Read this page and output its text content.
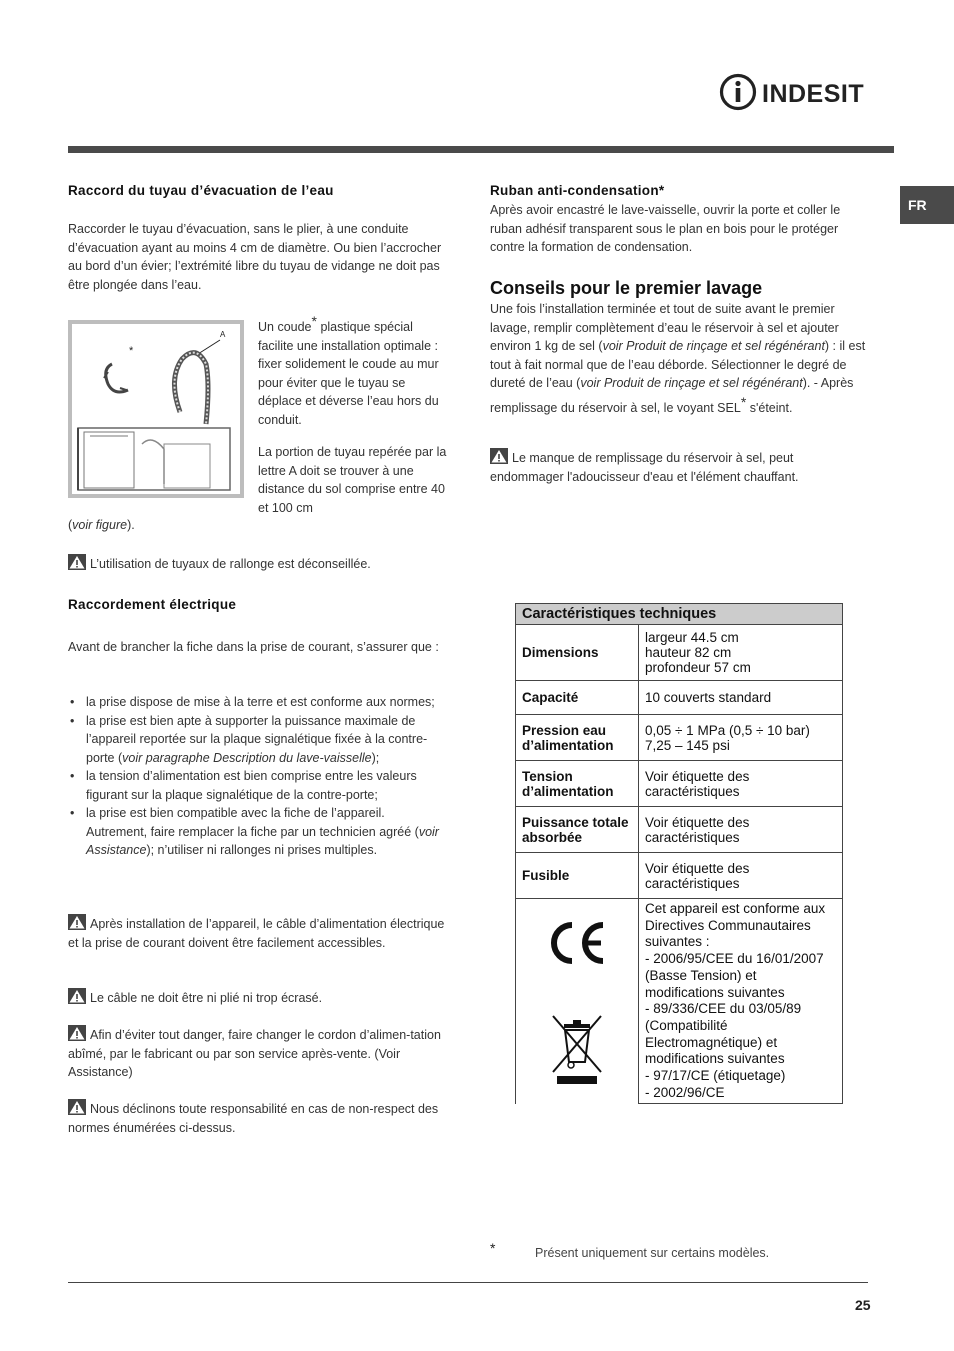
INDESIT
FR
Raccord du tuyau d’évacuation de l’eau
Raccorder le tuyau d’évacuation, sans le plier, à une conduite d’évacuation ayant au moins 4 cm de diamètre. Ou bien l’accrocher au bord d’un évier; l’extrémité libre du tuyau de vidange ne doit pas être plongée dans l’eau.
*
A
Un coude* plastique spécial facilite une installation optimale : fixer solidement le coude au mur pour éviter que le tuyau se déplace et déverse l’eau hors du conduit.
La portion de tuyau repérée par la lettre A doit se trouver à une distance du sol comprise entre 40 et 100 cm
(voir figure).
L’utilisation de tuyaux de rallonge est déconseillée.
Raccordement électrique
Avant de brancher la fiche dans la prise de courant, s’assurer que :
• la prise dispose de mise à la terre et est conforme aux normes;
• la prise est bien apte à supporter la puissance maximale de l’appareil reportée sur la plaque signalétique fixée à la contre-porte (voir paragraphe Description du lave-vaisselle);
• la tension d’alimentation est bien comprise entre les valeurs figurant sur la plaque signalétique de la contre-porte;
• la prise est bien compatible avec la fiche de l’appareil. Autrement, faire remplacer la fiche par un technicien agréé (voir Assistance); n’utiliser ni rallonges ni prises multiples.
Après installation de l’appareil, le câble d’alimentation électrique et la prise de courant doivent être facilement accessibles.
Le câble ne doit être ni plié ni trop écrasé.
Afin d’éviter tout danger, faire changer le cordon d’alimen-tation abîmé, par le fabricant ou par son service après-vente. (Voir Assistance)
Nous déclinons toute responsabilité en cas de non-respect des normes énumérées ci-dessus.
Ruban anti-condensation*
Après avoir encastré le lave-vaisselle, ouvrir la porte et coller le ruban adhésif transparent sous le plan en bois pour le protéger contre la formation de condensation.
Conseils pour le premier lavage
Une fois l’installation terminée et tout de suite avant le premier lavage, remplir complètement d’eau le réservoir à sel et ajouter environ 1 kg de sel (voir Produit de rinçage et sel régénérant) : il est tout à fait normal que de l’eau déborde. Sélectionner le degré de dureté de l’eau (voir Produit de rinçage et sel régénérant). - Après remplissage du réservoir à sel, le voyant SEL* s'éteint.
Le manque de remplissage du réservoir à sel, peut endommager l'adoucisseur d'eau et l'élément chauffant.
Caractéristiques techniques	
Dimensions	largeur 44.5 cm
hauteur 82 cm
profondeur 57 cm

Capacité	10 couverts standard
Pression eau d’alimentation	0,05 ÷ 1 MPa (0,5 ÷ 10 bar)
7,25 – 145 psi

Tension d’alimentation	Voir étiquette des caractéristiques
Puissance totale absorbée	Voir étiquette des caractéristiques
Fusible	Voir étiquette des caractéristiques

Cet appareil est conforme aux Directives Communautaires suivantes :
- 2006/95/CEE du 16/01/2007 (Basse Tension) et modifications suivantes
- 89/336/CEE du 03/05/89 (Compatibilité Electromagnétique) et modifications suivantes
- 97/17/CE (étiquetage)
- 2002/96/CE
*	Présent uniquement sur certains modèles.
25
